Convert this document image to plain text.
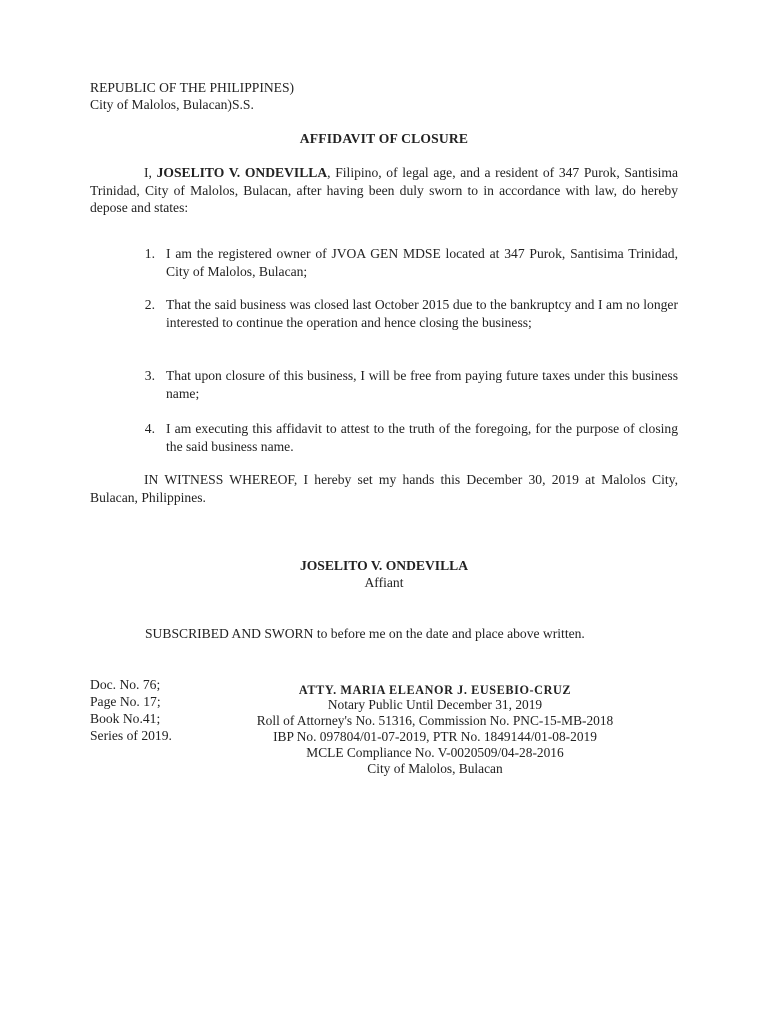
REPUBLIC OF THE PHILIPPINES)
City of Malolos, Bulacan)S.S.
AFFIDAVIT OF CLOSURE
I, JOSELITO V. ONDEVILLA, Filipino, of legal age, and a resident of 347 Purok, Santisima Trinidad, City of Malolos, Bulacan, after having been duly sworn to in accordance with law, do hereby depose and states:
1. I am the registered owner of JVOA GEN MDSE located at 347 Purok, Santisima Trinidad, City of Malolos, Bulacan;
2. That the said business was closed last October 2015 due to the bankruptcy and I am no longer interested to continue the operation and hence closing the business;
3. That upon closure of this business, I will be free from paying future taxes under this business name;
4. I am executing this affidavit to attest to the truth of the foregoing, for the purpose of closing the said business name.
IN WITNESS WHEREOF, I hereby set my hands this December 30, 2019 at Malolos City, Bulacan, Philippines.
JOSELITO V. ONDEVILLA
Affiant
SUBSCRIBED AND SWORN to before me on the date and place above written.
Doc. No. 76;
Page No. 17;
Book No.41;
Series of 2019.
ATTY. MARIA ELEANOR J. EUSEBIO-CRUZ
Notary Public Until December 31, 2019
Roll of Attorney's No. 51316, Commission No. PNC-15-MB-2018
IBP No. 097804/01-07-2019, PTR No. 1849144/01-08-2019
MCLE Compliance No. V-0020509/04-28-2016
City of Malolos, Bulacan
